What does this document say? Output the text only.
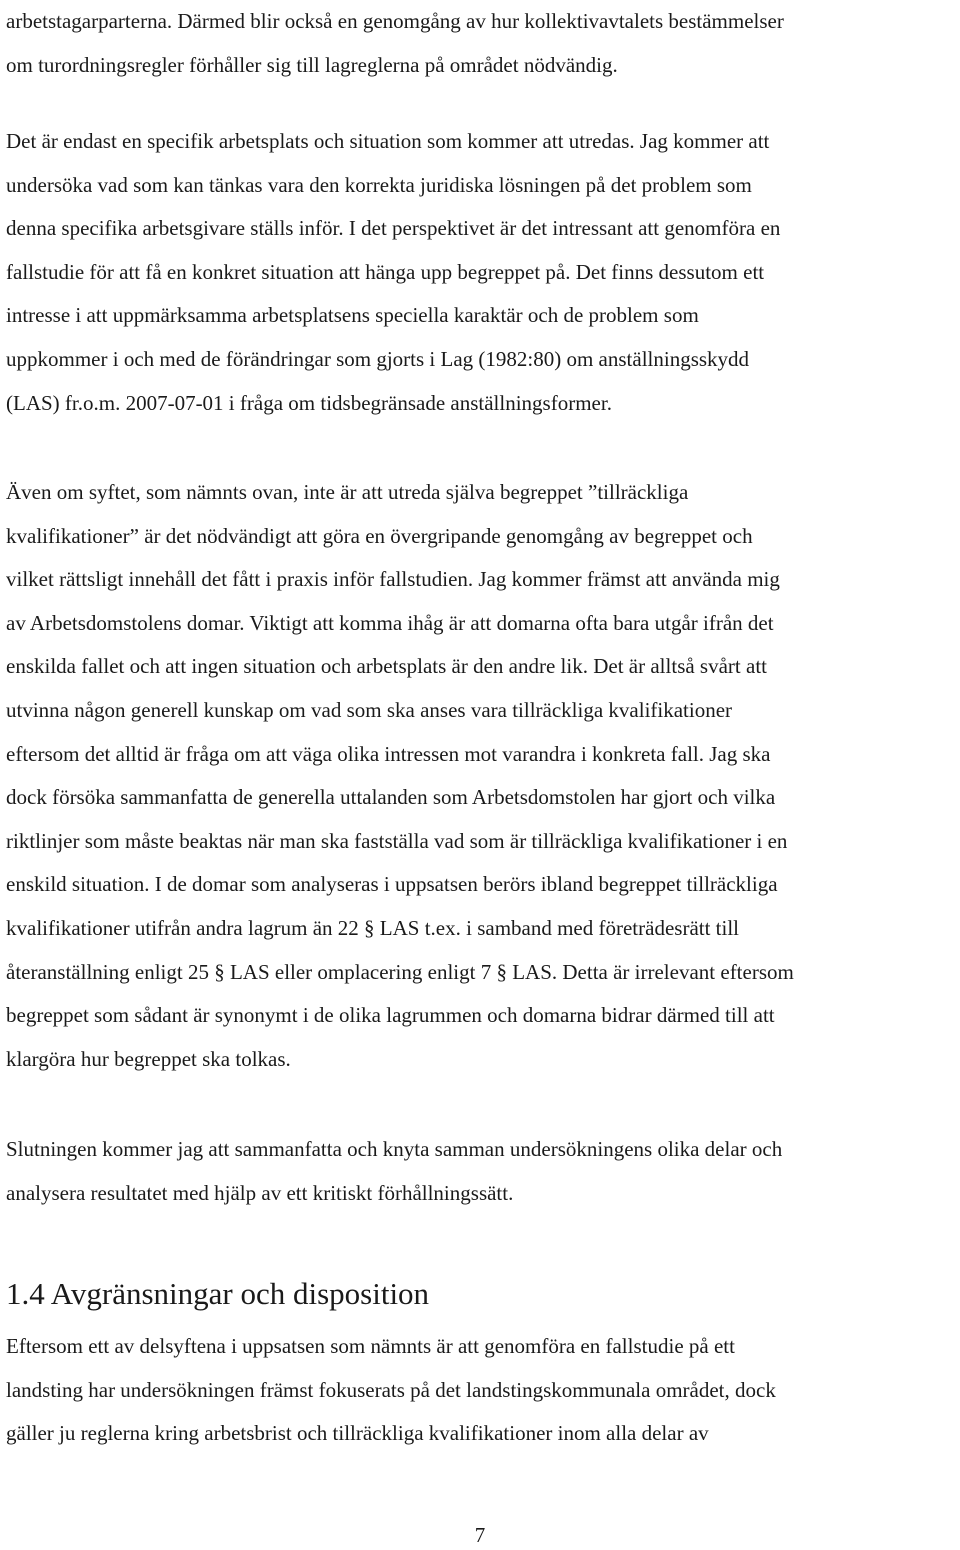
arbetstagarparterna. Därmed blir också en genomgång av hur kollektivavtalets bestämmelser
om turordningsregler förhåller sig till lagreglerna på området nödvändig.

Det är endast en specifik arbetsplats och situation som kommer att utredas. Jag kommer att
undersöka vad som kan tänkas vara den korrekta juridiska lösningen på det problem som
denna specifika arbetsgivare ställs inför. I det perspektivet är det intressant att genomföra en
fallstudie för att få en konkret situation att hänga upp begreppet på. Det finns dessutom ett
intresse i att uppmärksamma arbetsplatsens speciella karaktär och de problem som
uppkommer i och med de förändringar som gjorts i Lag (1982:80) om anställningsskydd
(LAS) fr.o.m. 2007-07-01 i fråga om tidsbegränsade anställningsformer.

Även om syftet, som nämnts ovan, inte är att utreda själva begreppet ”tillräckliga
kvalifikationer” är det nödvändigt att göra en övergripande genomgång av begreppet och
vilket rättsligt innehåll det fått i praxis inför fallstudien. Jag kommer främst att använda mig
av Arbetsdomstolens domar. Viktigt att komma ihåg är att domarna ofta bara utgår ifrån det
enskilda fallet och att ingen situation och arbetsplats är den andre lik. Det är alltså svårt att
utvinna någon generell kunskap om vad som ska anses vara tillräckliga kvalifikationer
eftersom det alltid är fråga om att väga olika intressen mot varandra i konkreta fall. Jag ska
dock försöka sammanfatta de generella uttalanden som Arbetsdomstolen har gjort och vilka
riktlinjer som måste beaktas när man ska fastställa vad som är tillräckliga kvalifikationer i en
enskild situation. I de domar som analyseras i uppsatsen berörs ibland begreppet tillräckliga
kvalifikationer utifrån andra lagrum än 22 § LAS t.ex. i samband med företrädesrätt till
återanställning enligt 25 § LAS eller omplacering enligt 7 § LAS. Detta är irrelevant eftersom
begreppet som sådant är synonymt i de olika lagrummen och domarna bidrar därmed till att
klargöra hur begreppet ska tolkas.

Slutningen kommer jag att sammanfatta och knyta samman undersökningens olika delar och
analysera resultatet med hjälp av ett kritiskt förhållningssätt.

1.4 Avgränsningar och disposition

Eftersom ett av delsyftena i uppsatsen som nämnts är att genomföra en fallstudie på ett
landsting har undersökningen främst fokuserats på det landstingskommunala området, dock
gäller ju reglerna kring arbetsbrist och tillräckliga kvalifikationer inom alla delar av

7
